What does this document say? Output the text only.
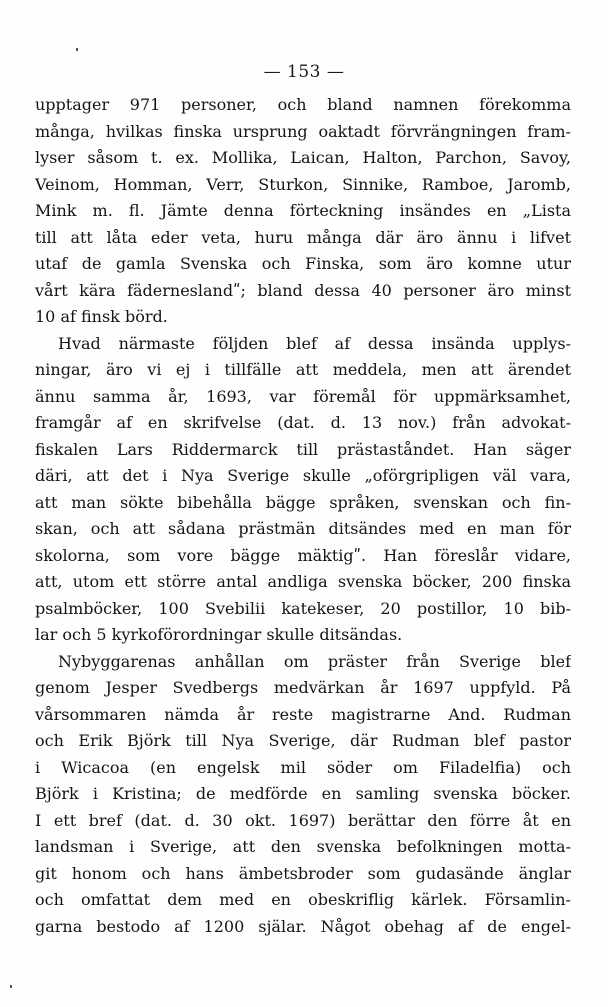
— 153 —
upptager 971 personer, och bland namnen förekomma
många, hvilkas finska ursprung oaktadt förvrängningen fram-
lyser såsom t. ex. Mollika, Laican, Halton, Parchon, Savoy,
Veinom, Homman, Verr, Sturkon, Sinnike, Ramboe, Jaromb,
Mink m. fl. Jämte denna förteckning insändes en „Lista
till att låta eder veta, huru många där äro ännu i lifvet
utaf de gamla Svenska och Finska, som äro komne utur
vårt kära fäderneslandʺ; bland dessa 40 personer äro minst
10 af finsk börd.
Hvad närmaste följden blef af dessa insända upplys-
ningar, äro vi ej i tillfälle att meddela, men att ärendet
ännu samma år, 1693, var föremål för uppmärksamhet,
framgår af en skrifvelse (dat. d. 13 nov.) från advokat-
fiskalen Lars Riddermarck till prästaståndet. Han säger
däri, att det i Nya Sverige skulle „oförgripligen väl vara,
att man sökte bibehålla bägge språken, svenskan och fin-
skan, och att sådana prästmän ditsändes med en man för
skolorna, som vore bägge mäktigʺ. Han föreslår vidare,
att, utom ett större antal andliga svenska böcker, 200 finska
psalmböcker, 100 Svebilii katekeser, 20 postillor, 10 bib-
lar och 5 kyrkoförordningar skulle ditsändas.
Nybyggarenas anhållan om präster från Sverige blef
genom Jesper Svedbergs medvärkan år 1697 uppfyld. På
vårsommaren nämda år reste magistrarne And. Rudman
och Erik Björk till Nya Sverige, där Rudman blef pastor
i Wicacoa (en engelsk mil söder om Filadelfia) och
Björk i Kristina; de medförde en samling svenska böcker.
I ett bref (dat. d. 30 okt. 1697) berättar den förre åt en
landsman i Sverige, att den svenska befolkningen motta-
git honom och hans ämbetsbroder som gudasände änglar
och omfattat dem med en obeskriflig kärlek. Församlin-
garna bestodo af 1200 själar. Något obehag af de engel-
